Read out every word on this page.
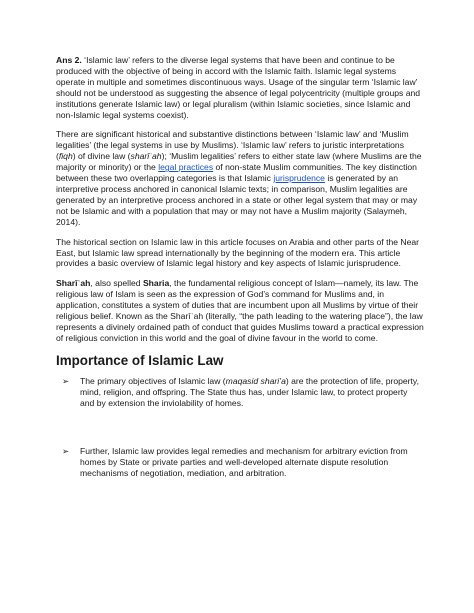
Ans 2. ‘Islamic law’ refers to the diverse legal systems that have been and continue to be produced with the objective of being in accord with the Islamic faith. Islamic legal systems operate in multiple and sometimes discontinuous ways. Usage of the singular term ‘Islamic law’ should not be understood as suggesting the absence of legal polycentricity (multiple groups and institutions generate Islamic law) or legal pluralism (within Islamic societies, since Islamic and non-Islamic legal systems coexist).

There are significant historical and substantive distinctions between ‘Islamic law’ and ‘Muslim legalities’ (the legal systems in use by Muslims). ‘Islamic law’ refers to juristic interpretations (fiqh) of divine law (sharīʿah); ‘Muslim legalities’ refers to either state law (where Muslims are the majority or minority) or the legal practices of non-state Muslim communities. The key distinction between these two overlapping categories is that Islamic jurisprudence is generated by an interpretive process anchored in canonical Islamic texts; in comparison, Muslim legalities are generated by an interpretive process anchored in a state or other legal system that may or may not be Islamic and with a population that may or may not have a Muslim majority (Salaymeh, 2014).

The historical section on Islamic law in this article focuses on Arabia and other parts of the Near East, but Islamic law spread internationally by the beginning of the modern era. This article provides a basic overview of Islamic legal history and key aspects of Islamic jurisprudence.

Sharīʿah, also spelled Sharia, the fundamental religious concept of Islam—namely, its law. The religious law of Islam is seen as the expression of God’s command for Muslims and, in application, constitutes a system of duties that are incumbent upon all Muslims by virtue of their religious belief. Known as the Sharīʿah (literally, “the path leading to the watering place”), the law represents a divinely ordained path of conduct that guides Muslims toward a practical expression of religious conviction in this world and the goal of divine favour in the world to come.

Importance of Islamic Law
➢ The primary objectives of Islamic law (maqasid shari’a) are the protection of life, property, mind, religion, and offspring. The State thus has, under Islamic law, to protect property and by extension the inviolability of homes.
➢ Further, Islamic law provides legal remedies and mechanism for arbitrary eviction from homes by State or private parties and well-developed alternate dispute resolution mechanisms of negotiation, mediation, and arbitration.
